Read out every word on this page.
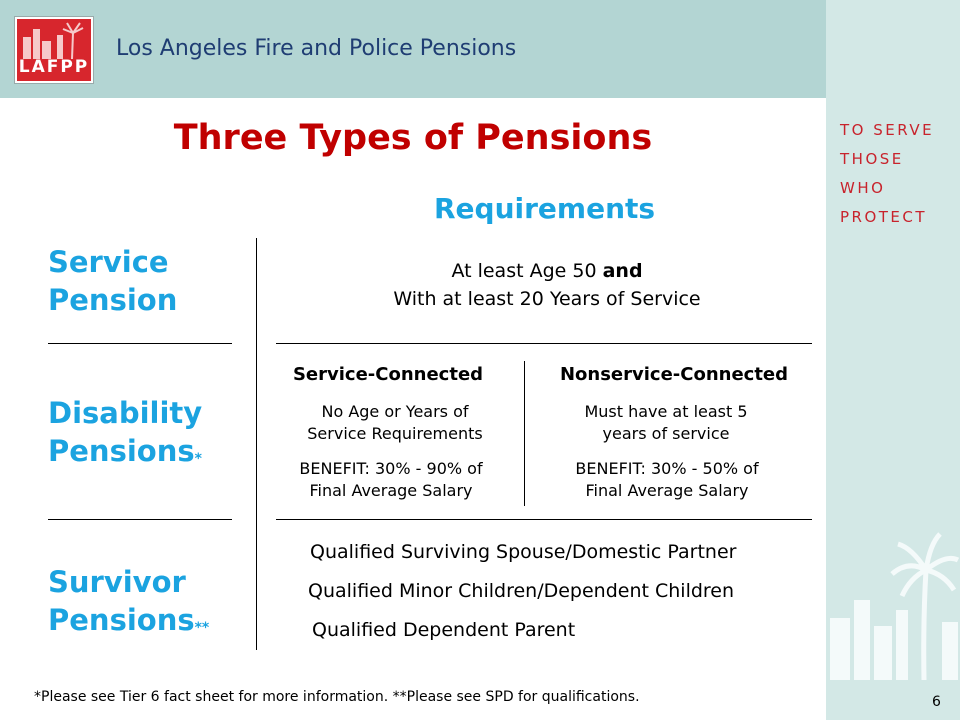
LAFPP
Los Angeles Fire and Police Pensions
TO SERVE
THOSE
WHO
PROTECT
Three Types of Pensions
Requirements
Service
Pension
Disability
Pensions*
Survivor
Pensions**
At least Age 50 and
With at least 20 Years of Service
Service-Connected
No Age or Years of
Service Requirements
BENEFIT: 30% - 90% of
Final Average Salary
Nonservice-Connected
Must have at least 5
years of service
BENEFIT: 30% - 50% of
Final Average Salary
Qualified Surviving Spouse/Domestic Partner
Qualified Minor Children/Dependent Children
Qualified Dependent Parent
*Please see Tier 6 fact sheet for more information. **Please see SPD for qualifications.	6
